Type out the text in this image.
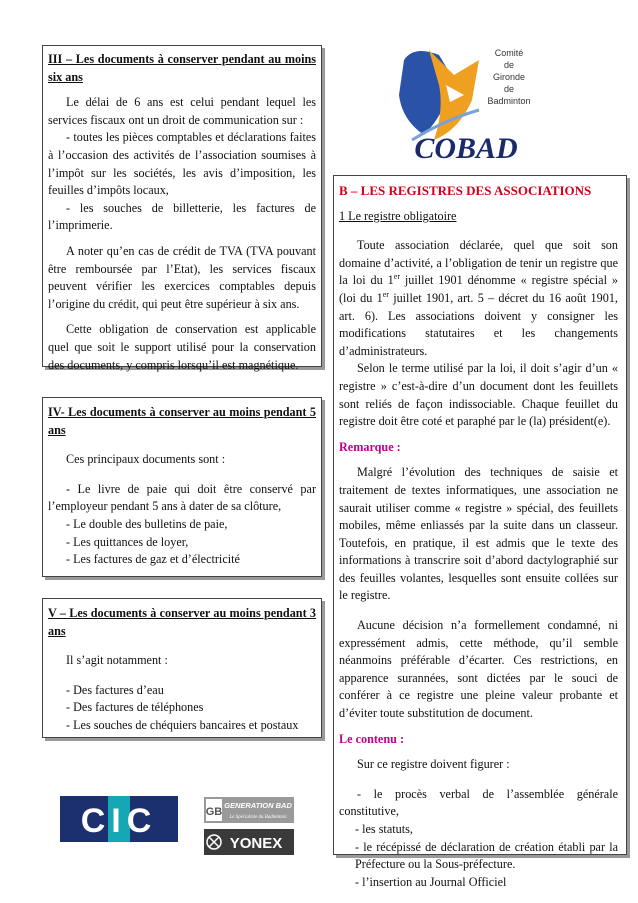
III – Les documents à conserver pendant au moins six ans

Le délai de 6 ans est celui pendant lequel les services fiscaux ont un droit de communication sur :

- toutes les pièces comptables et déclarations faites à l’occasion des activités de l’association soumises à l’impôt sur les sociétés, les avis d’imposition, les feuilles d’impôts locaux,

- les souches de billetterie, les factures de l’imprimerie.

A noter qu’en cas de crédit de TVA (TVA pouvant être remboursée par l’Etat), les services fiscaux peuvent vérifier les exercices comptables depuis l’origine du crédit, qui peut être supérieur à six ans.

Cette obligation de conservation est applicable quel que soit le support utilisé pour la conservation des documents, y compris lorsqu’il est magnétique.

IV- Les documents à conserver au moins pendant 5 ans

Ces principaux documents sont :

- Le livre de paie qui doit être conservé par l’employeur pendant 5 ans à dater de sa clôture,

- Le double des bulletins de paie,

- Les quittances de loyer,

- Les factures de gaz et d’électricité

V – Les documents à conserver au moins pendant 3 ans

Il s’agit notamment :

- Des factures d’eau

- Des factures de téléphones

- Les souches de chéquiers bancaires et postaux

Comité
de
Gironde
de
Badminton
COBAD

B – LES REGISTRES DES ASSOCIATIONS

1 Le registre obligatoire

Toute association déclarée, quel que soit son domaine d’activité, a l’obligation de tenir un registre que la loi du 1er juillet 1901 dénomme « registre spécial » (loi du 1er juillet 1901, art. 5 – décret du 16 août 1901, art. 6). Les associations doivent y consigner les modifications statutaires et les changements d’administrateurs.

Selon le terme utilisé par la loi, il doit s’agir d’un « registre » c’est-à-dire d’un document dont les feuillets sont reliés de façon indissociable. Chaque feuillet du registre doit être coté et paraphé par le (la) président(e).

Remarque :

Malgré l’évolution des techniques de saisie et traitement de textes informatiques, une association ne saurait utiliser comme « registre » spécial, des feuillets mobiles, même enliassés par la suite dans un classeur. Toutefois, en pratique, il est admis que le texte des informations à transcrire soit d’abord dactylographié sur des feuilles volantes, lesquelles sont ensuite collées sur le registre.

Aucune décision n’a formellement condamné, ni expressément admis, cette méthode, qu’il semble néanmoins préférable d’écarter. Ces restrictions, en apparence surannées, sont dictées par le souci de conférer à ce registre une pleine valeur probante et d’éviter toute substitution de document.

Le contenu :

Sur ce registre doivent figurer :

- le procès verbal de l’assemblée générale constitutive,

- les statuts,

- le récépissé de déclaration de création établi par la Préfecture ou la Sous-préfecture.

- l’insertion au Journal Officiel

CIC	GB
GENERATION BAD
Le Spécialiste du Badminton
YONEX
